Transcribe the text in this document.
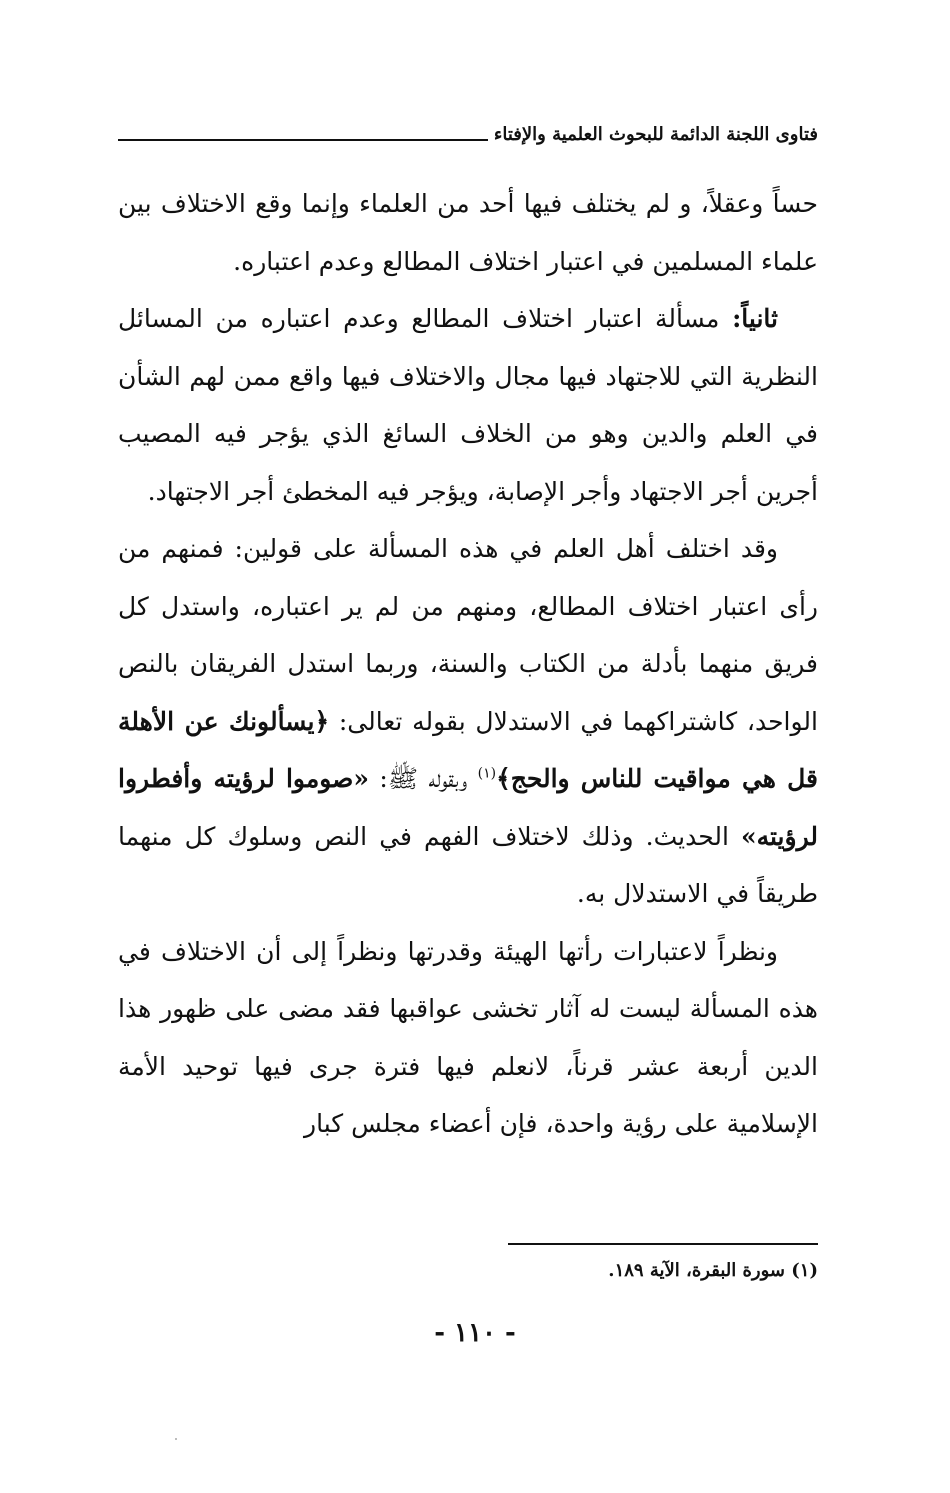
فتاوى اللجنة الدائمة للبحوث العلمية والإفتاء

حساً وعقلاً، و لم يختلف فيها أحد من العلماء وإنما وقع الاختلاف بين علماء المسلمين في اعتبار اختلاف المطالع وعدم اعتباره.

ثانياً: مسألة اعتبار اختلاف المطالع وعدم اعتباره من المسائل النظرية التي للاجتهاد فيها مجال والاختلاف فيها واقع ممن لهم الشأن في العلم والدين وهو من الخلاف السائغ الذي يؤجر فيه المصيب أجرين أجر الاجتهاد وأجر الإصابة، ويؤجر فيه المخطئ أجر الاجتهاد.

وقد اختلف أهل العلم في هذه المسألة على قولين: فمنهم من رأى اعتبار اختلاف المطالع، ومنهم من لم ير اعتباره، واستدل كل فريق منهما بأدلة من الكتاب والسنة، وربما استدل الفريقان بالنص الواحد، كاشتراكهما في الاستدلال بقوله تعالى: ﴿يسألونك عن الأهلة قل هي مواقيت للناس والحج﴾$^{(١)}$ وبقوله ﷺ: «صوموا لرؤيته وأفطروا لرؤيته» الحديث. وذلك لاختلاف الفهم في النص وسلوك كل منهما طريقاً في الاستدلال به.

ونظراً لاعتبارات رأتها الهيئة وقدرتها ونظراً إلى أن الاختلاف في هذه المسألة ليست له آثار تخشى عواقبها فقد مضى على ظهور هذا الدين أربعة عشر قرناً، لانعلم فيها فترة جرى فيها توحيد الأمة الإسلامية على رؤية واحدة، فإن أعضاء مجلس كبار

(١) سورة البقرة، الآية ١٨٩.
- ١١٠ -
